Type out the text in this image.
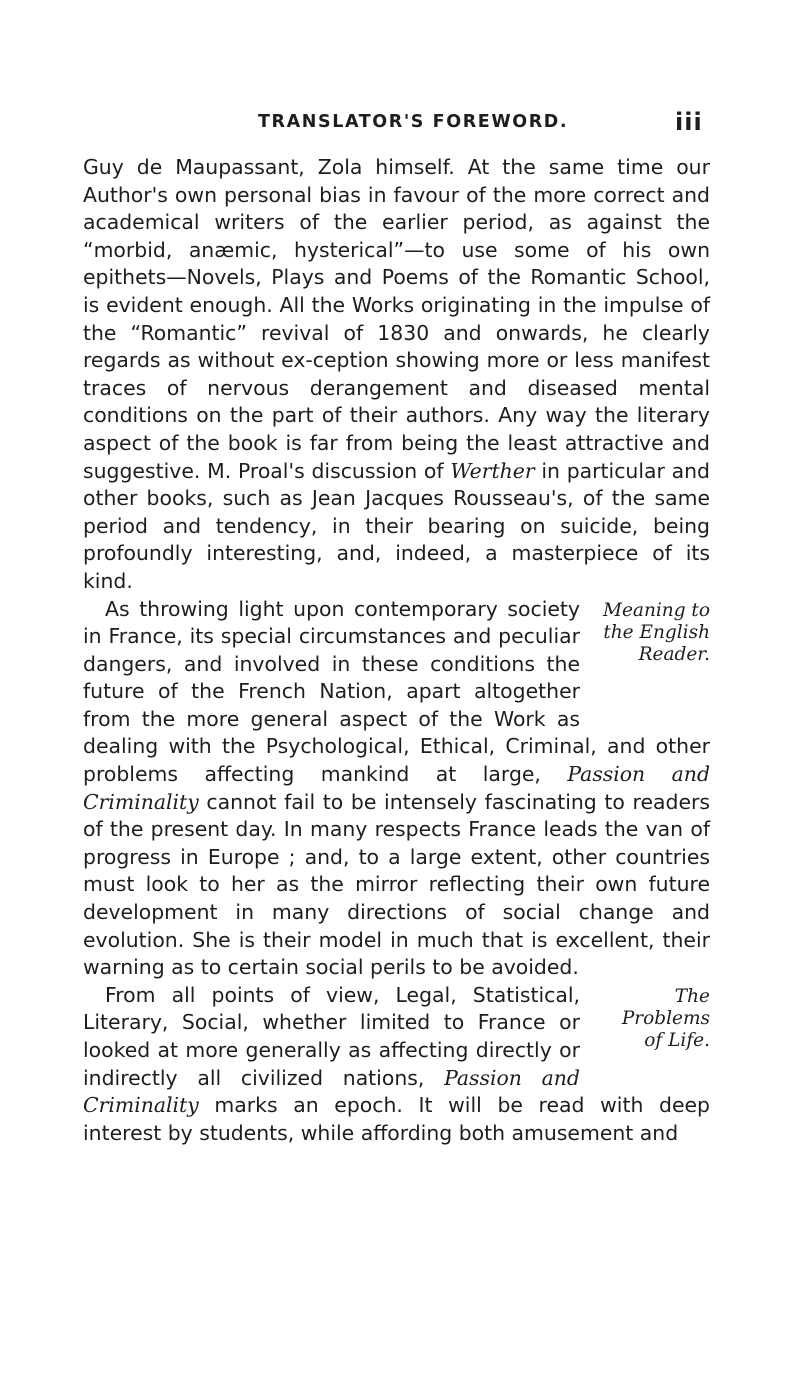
TRANSLATOR'S FOREWORD.	iii

Guy de Maupassant, Zola himself. At the same time our Author's own personal bias in favour of the more correct and academical writers of the earlier period, as against the “morbid, anæmic, hysterical”—to use some of his own epithets—Novels, Plays and Poems of the Romantic School, is evident enough. All the Works originating in the impulse of the “Romantic” revival of 1830 and onwards, he clearly regards as without ex-ception showing more or less manifest traces of nervous derangement and diseased mental conditions on the part of their authors. Any way the literary aspect of the book is far from being the least attractive and suggestive. M. Proal's discussion of Werther in particular and other books, such as Jean Jacques Rousseau's, of the same period and tendency, in their bearing on suicide, being profoundly interesting, and, indeed, a masterpiece of its kind.

Meaning to
the English
Reader.
As throwing light upon contemporary society in France, its special circumstances and peculiar dangers, and involved in these conditions the future of the French Nation, apart altogether from the more general aspect of the Work as dealing with the Psychological, Ethical, Criminal, and other problems affecting mankind at large, Passion and Criminality cannot fail to be intensely fascinating to readers of the present day. In many respects France leads the van of progress in Europe ; and, to a large extent, other countries must look to her as the mirror reflecting their own future development in many directions of social change and evolution. She is their model in much that is excellent, their warning as to certain social perils to be avoided.

The Problems
of Life.
From all points of view, Legal, Statistical, Literary, Social, whether limited to France or looked at more generally as affecting directly or indirectly all civilized nations, Passion and Criminality marks an epoch. It will be read with deep interest by students, while affording both amusement and
